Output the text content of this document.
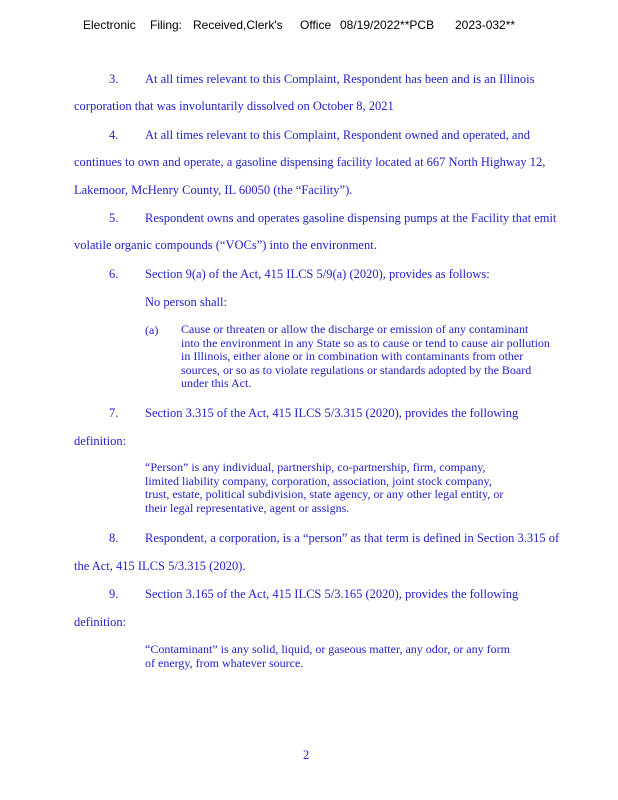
Electronic Filing: Received,Clerk's Office 08/19/2022**PCB 2023-032**
3. At all times relevant to this Complaint, Respondent has been and is an Illinois
corporation that was involuntarily dissolved on October 8, 2021
4. At all times relevant to this Complaint, Respondent owned and operated, and
continues to own and operate, a gasoline dispensing facility located at 667 North Highway 12,
Lakemoor, McHenry County, IL 60050 (the “Facility”).
5. Respondent owns and operates gasoline dispensing pumps at the Facility that emit
volatile organic compounds (“VOCs”) into the environment.
6. Section 9(a) of the Act, 415 ILCS 5/9(a) (2020), provides as follows:
No person shall:
(a) Cause or threaten or allow the discharge or emission of any contaminant
into the environment in any State so as to cause or tend to cause air pollution
in Illinois, either alone or in combination with contaminants from other
sources, or so as to violate regulations or standards adopted by the Board
under this Act.
7. Section 3.315 of the Act, 415 ILCS 5/3.315 (2020), provides the following
definition:
“Person” is any individual, partnership, co-partnership, firm, company,
limited liability company, corporation, association, joint stock company,
trust, estate, political subdivision, state agency, or any other legal entity, or
their legal representative, agent or assigns.
8. Respondent, a corporation, is a “person” as that term is defined in Section 3.315 of
the Act, 415 ILCS 5/3.315 (2020).
9. Section 3.165 of the Act, 415 ILCS 5/3.165 (2020), provides the following
definition:
“Contaminant” is any solid, liquid, or gaseous matter, any odor, or any form
of energy, from whatever source.
2
